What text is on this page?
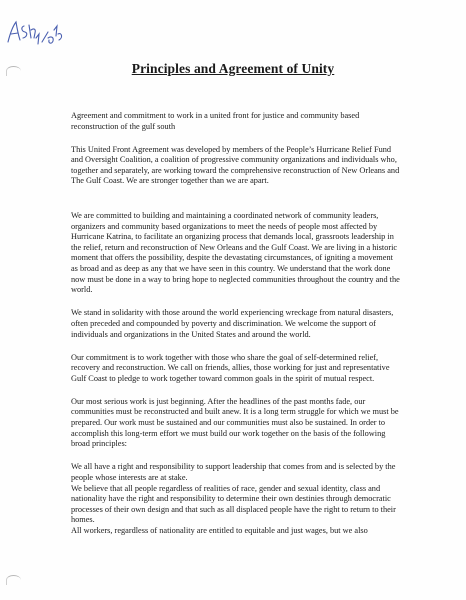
Principles and Agreement of Unity

Agreement and commitment to work in a united front for justice and community based reconstruction of the gulf south

This United Front Agreement was developed by members of the People’s Hurricane Relief Fund and Oversight Coalition, a coalition of progressive community organizations and individuals who, together and separately, are working toward the comprehensive reconstruction of New Orleans and The Gulf Coast. We are stronger together than we are apart.

We are committed to building and maintaining a coordinated network of community leaders, organizers and community based organizations to meet the needs of people most affected by Hurricane Katrina, to facilitate an organizing process that demands local, grassroots leadership in the relief, return and reconstruction of New Orleans and the Gulf Coast. We are living in a historic moment that offers the possibility, despite the devastating circumstances, of igniting a movement as broad and as deep as any that we have seen in this country. We understand that the work done now must be done in a way to bring hope to neglected communities throughout the country and the world.

We stand in solidarity with those around the world experiencing wreckage from natural disasters, often preceded and compounded by poverty and discrimination. We welcome the support of individuals and organizations in the United States and around the world.

Our commitment is to work together with those who share the goal of self-determined relief, recovery and reconstruction. We call on friends, allies, those working for just and representative Gulf Coast to pledge to work together toward common goals in the spirit of mutual respect.

Our most serious work is just beginning. After the headlines of the past months fade, our communities must be reconstructed and built anew. It is a long term struggle for which we must be prepared. Our work must be sustained and our communities must also be sustained. In order to accomplish this long-term effort we must build our work together on the basis of the following broad principles:

We all have a right and responsibility to support leadership that comes from and is selected by the people whose interests are at stake.

We believe that all people regardless of realities of race, gender and sexual identity, class and nationality have the right and responsibility to determine their own destinies through democratic processes of their own design and that such as all displaced people have the right to return to their homes.

All workers, regardless of nationality are entitled to equitable and just wages, but we also
